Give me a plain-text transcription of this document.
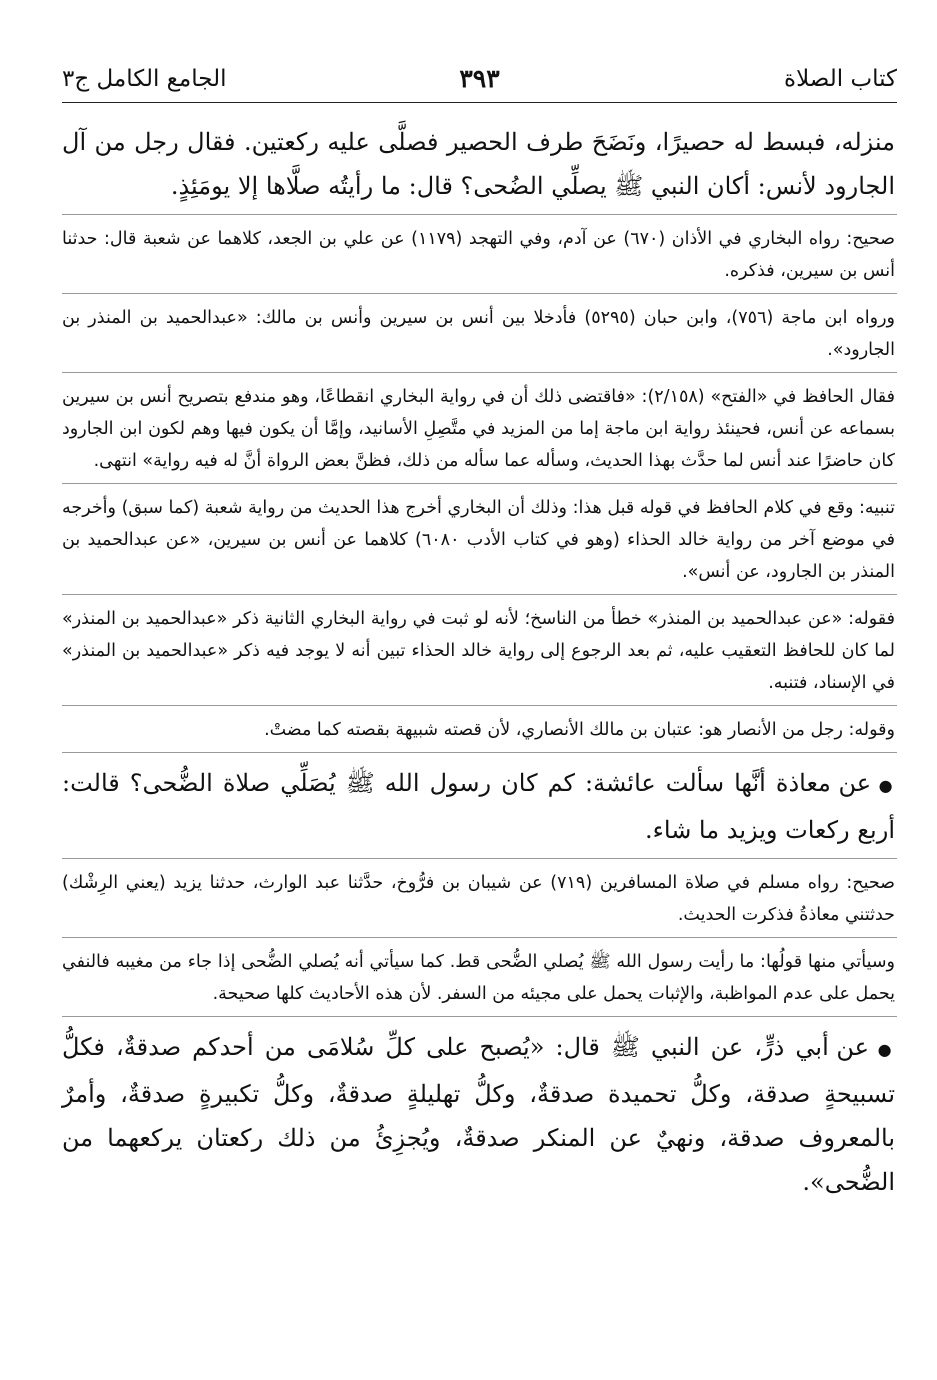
كتاب الصلاة
٣٩٣
الجامع الكامل ج٣

منزله، فبسط له حصيرًا، ونَضَحَ طرف الحصير فصلَّى عليه ركعتين. فقال رجل من آل الجارود لأنس: أكان النبي ﷺ يصلِّي الضُحى؟ قال: ما رأيتُه صلَّاها إلا يومَئِذٍ.

صحيح: رواه البخاري في الأذان (٦٧٠) عن آدم، وفي التهجد (١١٧٩) عن علي بن الجعد، كلاهما عن شعبة قال: حدثنا أنس بن سيرين، فذكره.

ورواه ابن ماجة (٧٥٦)، وابن حبان (٥٢٩٥) فأدخلا بين أنس بن سيرين وأنس بن مالك: «عبدالحميد بن المنذر بن الجارود».

فقال الحافظ في «الفتح» (٢/١٥٨): «فاقتضى ذلك أن في رواية البخاري انقطاعًا، وهو مندفع بتصريح أنس بن سيرين بسماعه عن أنس، فحينئذ رواية ابن ماجة إما من المزيد في متَّصِلِ الأسانيد، وإمَّا أن يكون فيها وهم لكون ابن الجارود كان حاضرًا عند أنس لما حدَّث بهذا الحديث، وسأله عما سأله من ذلك، فظنَّ بعض الرواة أنَّ له فيه رواية» انتهى.

تنبيه: وقع في كلام الحافظ في قوله قبل هذا: وذلك أن البخاري أخرج هذا الحديث من رواية شعبة (كما سبق) وأخرجه في موضع آخر من رواية خالد الحذاء (وهو في كتاب الأدب ٦٠٨٠) كلاهما عن أنس بن سيرين، «عن عبدالحميد بن المنذر بن الجارود، عن أنس».

فقوله: «عن عبدالحميد بن المنذر» خطأ من الناسخ؛ لأنه لو ثبت في رواية البخاري الثانية ذكر «عبدالحميد بن المنذر» لما كان للحافظ التعقيب عليه، ثم بعد الرجوع إلى رواية خالد الحذاء تبين أنه لا يوجد فيه ذكر «عبدالحميد بن المنذر» في الإسناد، فتنبه.

وقوله: رجل من الأنصار هو: عتبان بن مالك الأنصاري، لأن قصته شبيهة بقصته كما مضتْ.

● عن معاذة أنَّها سألت عائشة: كم كان رسول الله ﷺ يُصَلِّي صلاة الضُّحى؟ قالت: أربع ركعات ويزيد ما شاء.

صحيح: رواه مسلم في صلاة المسافرين (٧١٩) عن شيبان بن فرُّوخ، حدَّثنا عبد الوارث، حدثنا يزيد (يعني الرِشْك) حدثتني معاذةُ فذكرت الحديث.

وسيأتي منها قولُها: ما رأيت رسول الله ﷺ يُصلي الضُّحى قط. كما سيأتي أنه يُصلي الضُّحى إذا جاء من مغيبه فالنفي يحمل على عدم المواظبة، والإثبات يحمل على مجيئه من السفر. لأن هذه الأحاديث كلها صحيحة.

● عن أبي ذرٍّ، عن النبي ﷺ قال: «يُصبح على كلِّ سُلامَى من أحدكم صدقةٌ، فكلُّ تسبيحةٍ صدقة، وكلُّ تحميدة صدقةٌ، وكلُّ تهليلةٍ صدقةٌ، وكلُّ تكبيرةٍ صدقةٌ، وأمرٌ بالمعروف صدقة، ونهيٌ عن المنكر صدقةٌ، ويُجزِئُ من ذلك ركعتان يركعهما من الضُّحى».
